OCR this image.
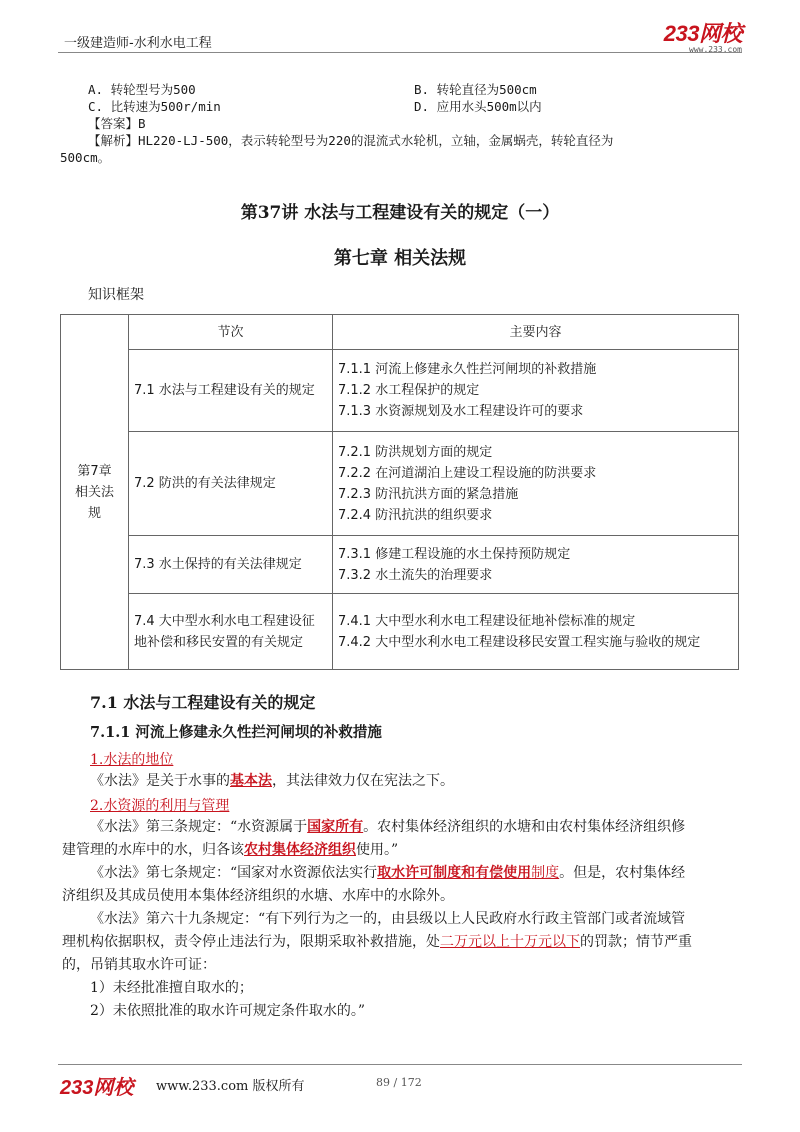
一级建造师-水利水电工程	233网校
www.233.com
A. 转轮型号为500	B. 转轮直径为500cm
C. 比转速为500r/min	D. 应用水头500m以内
【答案】B
【解析】HL220-LJ-500，表示转轮型号为220的混流式水轮机，立轴，金属蜗壳，转轮直径为
500cm。
第37讲 水法与工程建设有关的规定（一）
第七章 相关法规
知识框架
第7章相关法规	节次	主要内容
	7.1 水法与工程建设有关的规定	7.1.1 河流上修建永久性拦河闸坝的补救措施
7.1.2 水工程保护的规定
7.1.3 水资源规划及水工程建设许可的要求

	7.2 防洪的有关法律规定	7.2.1 防洪规划方面的规定
7.2.2 在河道湖泊上建设工程设施的防洪要求
7.2.3 防汛抗洪方面的紧急措施
7.2.4 防汛抗洪的组织要求

	7.3 水土保持的有关法律规定	7.3.1 修建工程设施的水土保持预防规定
7.3.2 水土流失的治理要求

	7.4 大中型水利水电工程建设征地补偿和移民安置的有关规定	7.4.1 大中型水利水电工程建设征地补偿标准的规定
7.4.2 大中型水利水电工程建设移民安置工程实施与验收的规定
7.1 水法与工程建设有关的规定
7.1.1 河流上修建永久性拦河闸坝的补救措施
1.水法的地位
《水法》是关于水事的基本法，其法律效力仅在宪法之下。
2.水资源的利用与管理
《水法》第三条规定：“水资源属于国家所有。农村集体经济组织的水塘和由农村集体经济组织修
建管理的水库中的水，归各该农村集体经济组织使用。”
《水法》第七条规定：“国家对水资源依法实行取水许可制度和有偿使用制度。但是，农村集体经
济组织及其成员使用本集体经济组织的水塘、水库中的水除外。
《水法》第六十九条规定：“有下列行为之一的，由县级以上人民政府水行政主管部门或者流域管
理机构依据职权，责令停止违法行为，限期采取补救措施，处二万元以上十万元以下的罚款；情节严重
的，吊销其取水许可证：
1）未经批准擅自取水的；
2）未依照批准的取水许可规定条件取水的。”
233网校 www.233.com 版权所有	89 / 172
